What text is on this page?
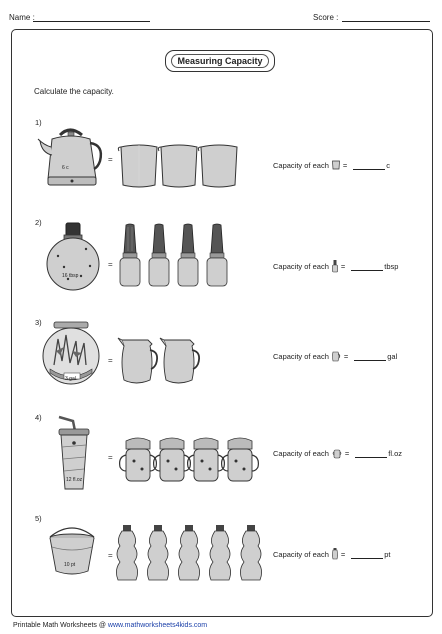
Name :	Score :
Measuring Capacity
Calculate the capacity.
1)
6 c
=
Capacity of each =	c
2)
16 tbsp
=	Capacity of each =	tbsp
3)
3 gal
=	Capacity of each =	gal
4)
12 fl.oz
=	Capacity of each =	fl.oz
5)
10 pt
=	Capacity of each =	pt
Printable Math Worksheets @ www.mathworksheets4kids.com
